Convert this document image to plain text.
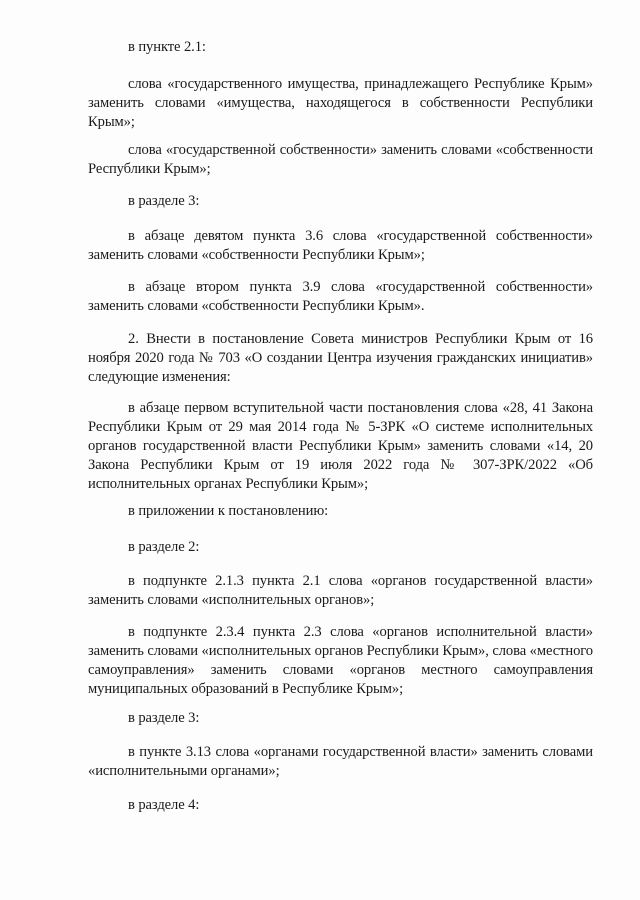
в пункте 2.1:

слова «государственного имущества, принадлежащего Республике Крым» заменить словами «имущества, находящегося в собственности Республики Крым»;

слова «государственной собственности» заменить словами «собственности Республики Крым»;

в разделе 3:

в абзаце девятом пункта 3.6 слова «государственной собственности» заменить словами «собственности Республики Крым»;

в абзаце втором пункта 3.9 слова «государственной собственности» заменить словами «собственности Республики Крым».

2. Внести в постановление Совета министров Республики Крым от 16 ноября 2020 года № 703 «О создании Центра изучения гражданских инициатив» следующие изменения:

в абзаце первом вступительной части постановления слова «28, 41 Закона Республики Крым от 29 мая 2014 года № 5-ЗРК «О системе исполнительных органов государственной власти Республики Крым» заменить словами «14, 20 Закона Республики Крым от 19 июля 2022 года № 307-ЗРК/2022 «Об исполнительных органах Республики Крым»;

в приложении к постановлению:

в разделе 2:

в подпункте 2.1.3 пункта 2.1 слова «органов государственной власти» заменить словами «исполнительных органов»;

в подпункте 2.3.4 пункта 2.3 слова «органов исполнительной власти» заменить словами «исполнительных органов Республики Крым», слова «местного самоуправления» заменить словами «органов местного самоуправления муниципальных образований в Республике Крым»;

в разделе 3:

в пункте 3.13 слова «органами государственной власти» заменить словами «исполнительными органами»;

в разделе 4:
